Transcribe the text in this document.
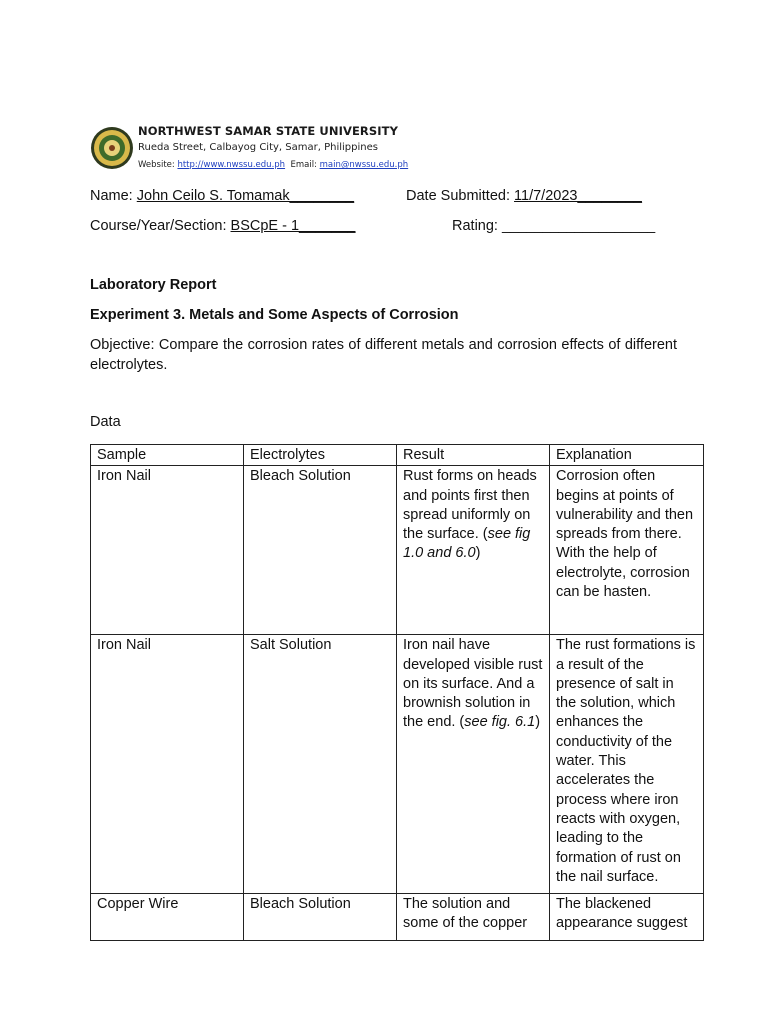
NORTHWEST SAMAR STATE UNIVERSITY
Rueda Street, Calbayog City, Samar, Philippines
Website: http://www.nwssu.edu.ph Email: main@nwssu.edu.ph
Name: John Ceilo S. Tomamak________	Date Submitted: 11/7/2023________
Course/Year/Section: BSCpE - 1_______	Rating: ___________________
Laboratory Report
Experiment 3. Metals and Some Aspects of Corrosion
Objective: Compare the corrosion rates of different metals and corrosion effects of different electrolytes.
Data
Sample	Electrolytes	Result	Explanation
Iron Nail	Bleach Solution	Rust forms on heads and points first then spread uniformly on the surface. (see fig 1.0 and 6.0)	Corrosion often begins at points of vulnerability and then spreads from there. With the help of electrolyte, corrosion can be hasten.
Iron Nail	Salt Solution	Iron nail have developed visible rust on its surface. And a brownish solution in the end. (see fig. 6.1)	The rust formations is a result of the presence of salt in the solution, which enhances the conductivity of the water. This accelerates the process where iron reacts with oxygen, leading to the formation of rust on the nail surface.
Copper Wire	Bleach Solution	The solution and some of the copper	The blackened appearance suggest
